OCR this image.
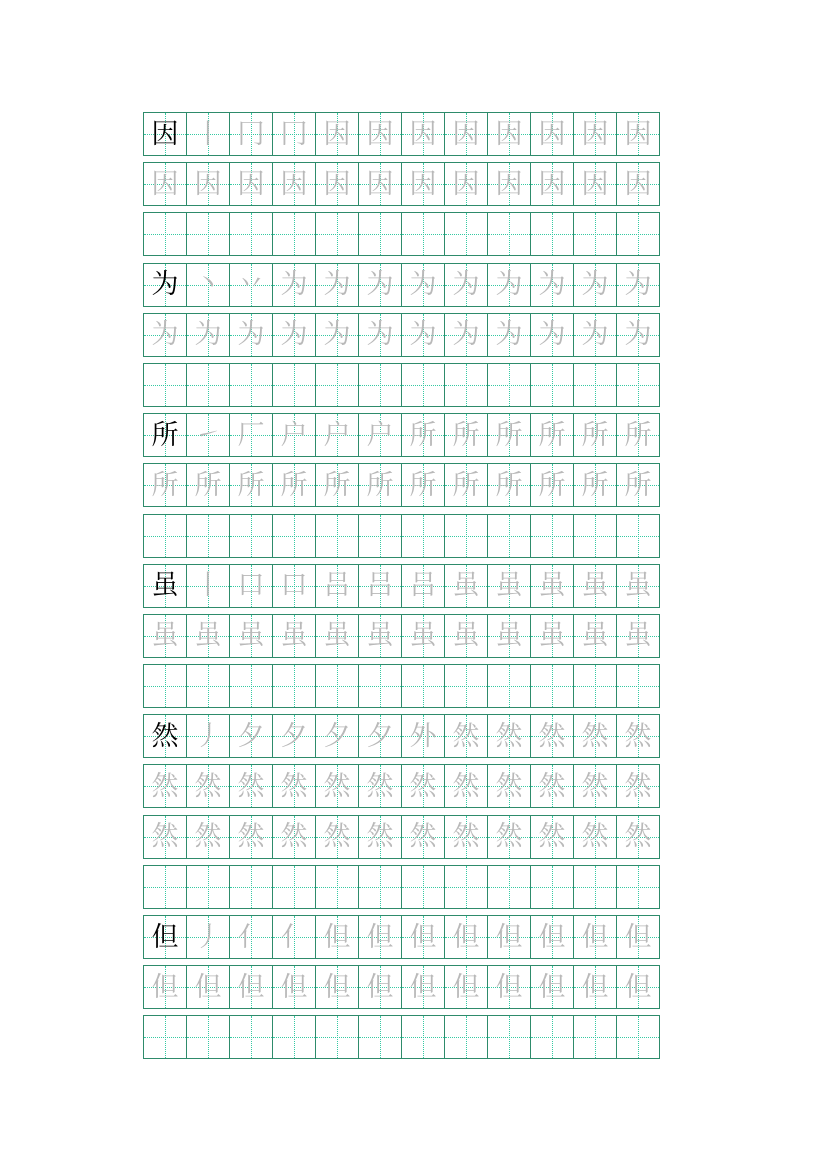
因 丨 冂 冂 因 因 因 因 因 因 因 因
因 因 因 因 因 因 因 因 因 因 因 因
为 丶 丷 为 为 为 为 为 为 为 为 为
为 为 为 为 为 为 为 为 为 为 为 为
所 ㇀ 厂 户 户 户 所 所 所 所 所 所
所 所 所 所 所 所 所 所 所 所 所 所
虽 丨 口 口 吕 吕 吕 虽 虽 虽 虽 虽
虽 虽 虽 虽 虽 虽 虽 虽 虽 虽 虽 虽
然 丿 夕 夕 夕 夕 外 然 然 然 然 然
然 然 然 然 然 然 然 然 然 然 然 然
然 然 然 然 然 然 然 然 然 然 然 然
但 丿 亻 亻 但 但 但 但 但 但 但 但
但 但 但 但 但 但 但 但 但 但 但 但
